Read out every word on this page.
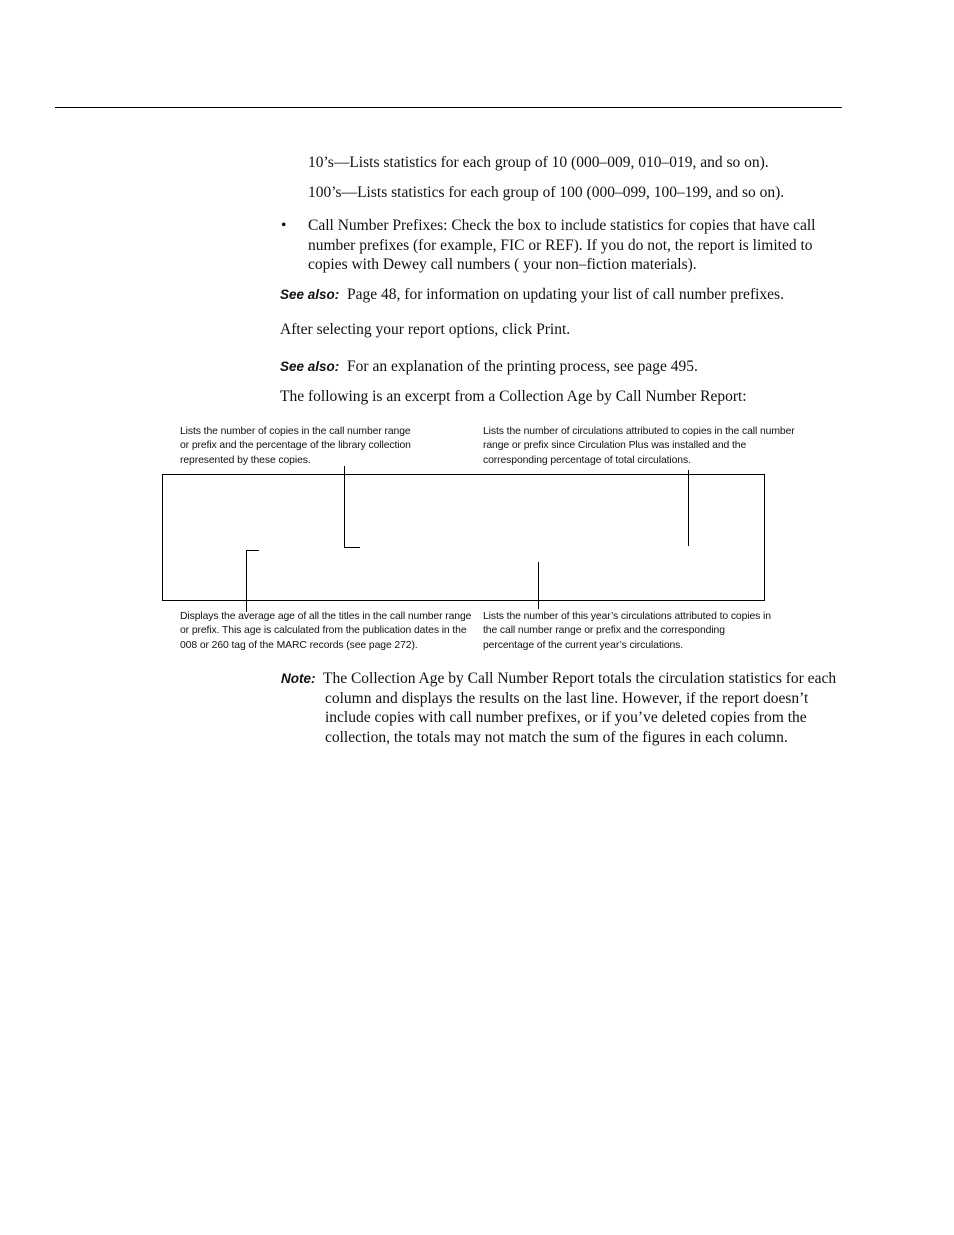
10’s—Lists statistics for each group of 10 (000–009, 010–019, and so on).
100’s—Lists statistics for each group of 100 (000–099, 100–199, and so on).
• Call Number Prefixes: Check the box to include statistics for copies that have call number prefixes (for example, FIC or REF). If you do not, the report is limited to copies with Dewey call numbers ( your non–fiction materials).
See also: Page 48, for information on updating your list of call number prefixes.
After selecting your report options, click Print.
See also: For an explanation of the printing process, see page 495.
The following is an excerpt from a Collection Age by Call Number Report:
Lists the number of copies in the call number range or prefix and the percentage of the library collection represented by these copies.
Lists the number of circulations attributed to copies in the call number range or prefix since Circulation Plus was installed and the corresponding percentage of total circulations.
Displays the average age of all the titles in the call number range or prefix. This age is calculated from the publication dates in the 008 or 260 tag of the MARC records (see page 272).
Lists the number of this year’s circulations attributed to copies in the call number range or prefix and the corresponding percentage of the current year’s circulations.
Note: The Collection Age by Call Number Report totals the circulation statistics for each column and displays the results on the last line. However, if the report doesn’t include copies with call number prefixes, or if you’ve deleted copies from the collection, the totals may not match the sum of the figures in each column.
